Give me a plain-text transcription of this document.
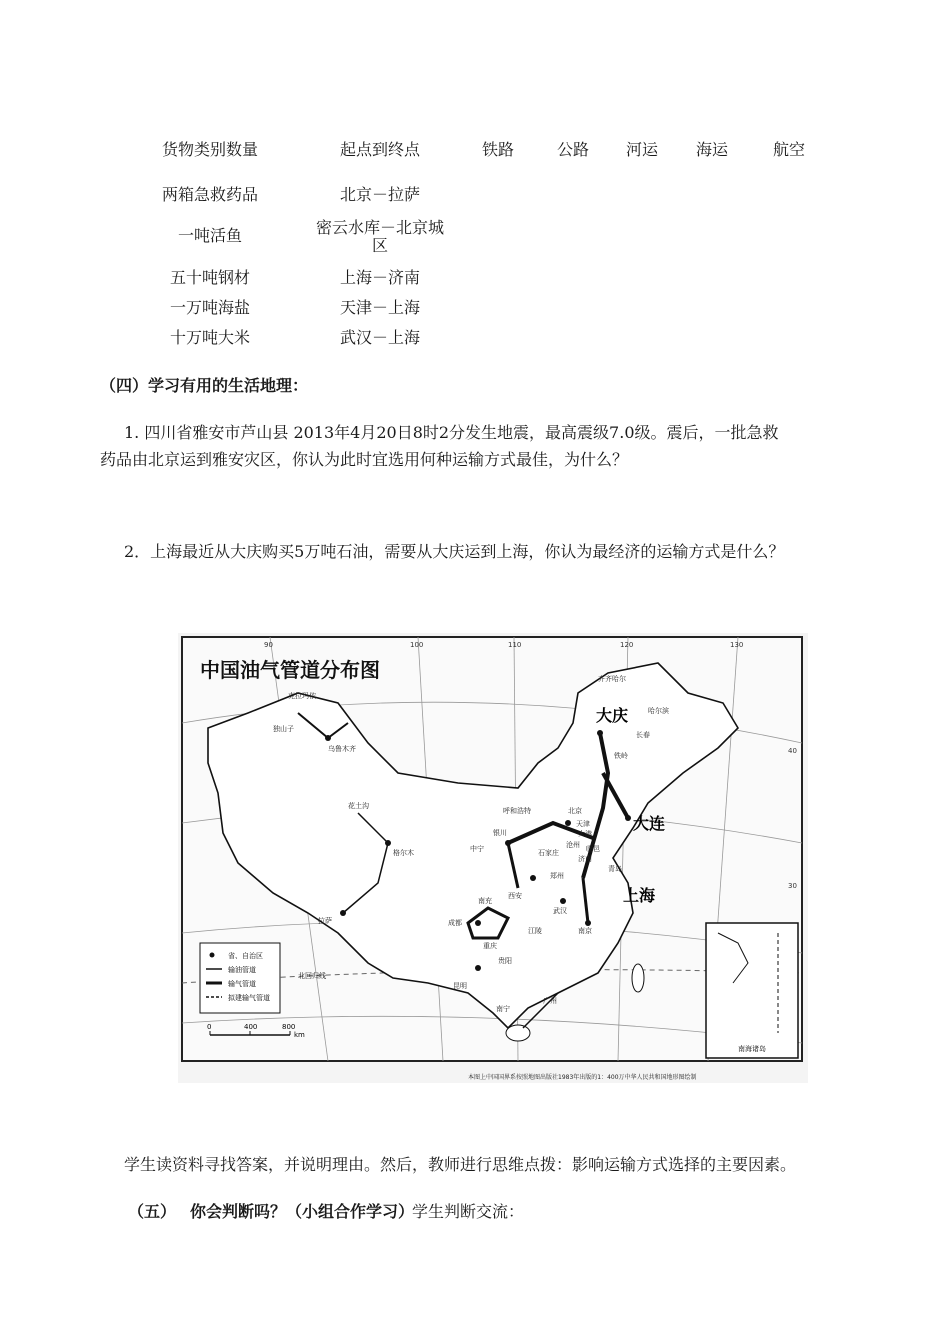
货物类别数量	起点到终点	铁路	公路	河运	海运	航空
两箱急救药品	北京－拉萨
一吨活鱼	密云水库－北京城
区
五十吨钢材	上海－济南
一万吨海盐	天津－上海
十万吨大米	武汉－上海
（四）学习有用的生活地理：
1. 四川省雅安市芦山县 2013年4月20日8时2分发生地震，最高震级7.0级。震后，一批急救
药品由北京运到雅安灾区，你认为此时宜选用何种运输方式最佳，为什么？
2．上海最近从大庆购买5万吨石油，需要从大庆运到上海，你认为最经济的运输方式是什么？
中国油气管道分布图
大庆
大连
上海
齐齐哈尔
哈尔滨
长春
铁岭
北京
天津
大港
沧州
济南
临邑
银川
中宁
西安
郑州
武汉
南京
成都
重庆
贵阳
昆明
南宁
广州
克拉玛依
乌鲁木齐
独山子
格尔木
拉萨
花土沟
呼和浩特
石家庄
江陵
南充
青岛
北回归线
90	100	110	120	130
40
30
省、自治区
输油管道
输气管道
拟建输气管道
0	400	800
km
南海诸岛
本图上中国国界系按照地图出版社1983年出版的1：400万中华人民共和国地形图绘制
学生读资料寻找答案，并说明理由。然后，教师进行思维点拨：影响运输方式选择的主要因素。
（五） 你会判断吗？（小组合作学习）
学生判断交流：
